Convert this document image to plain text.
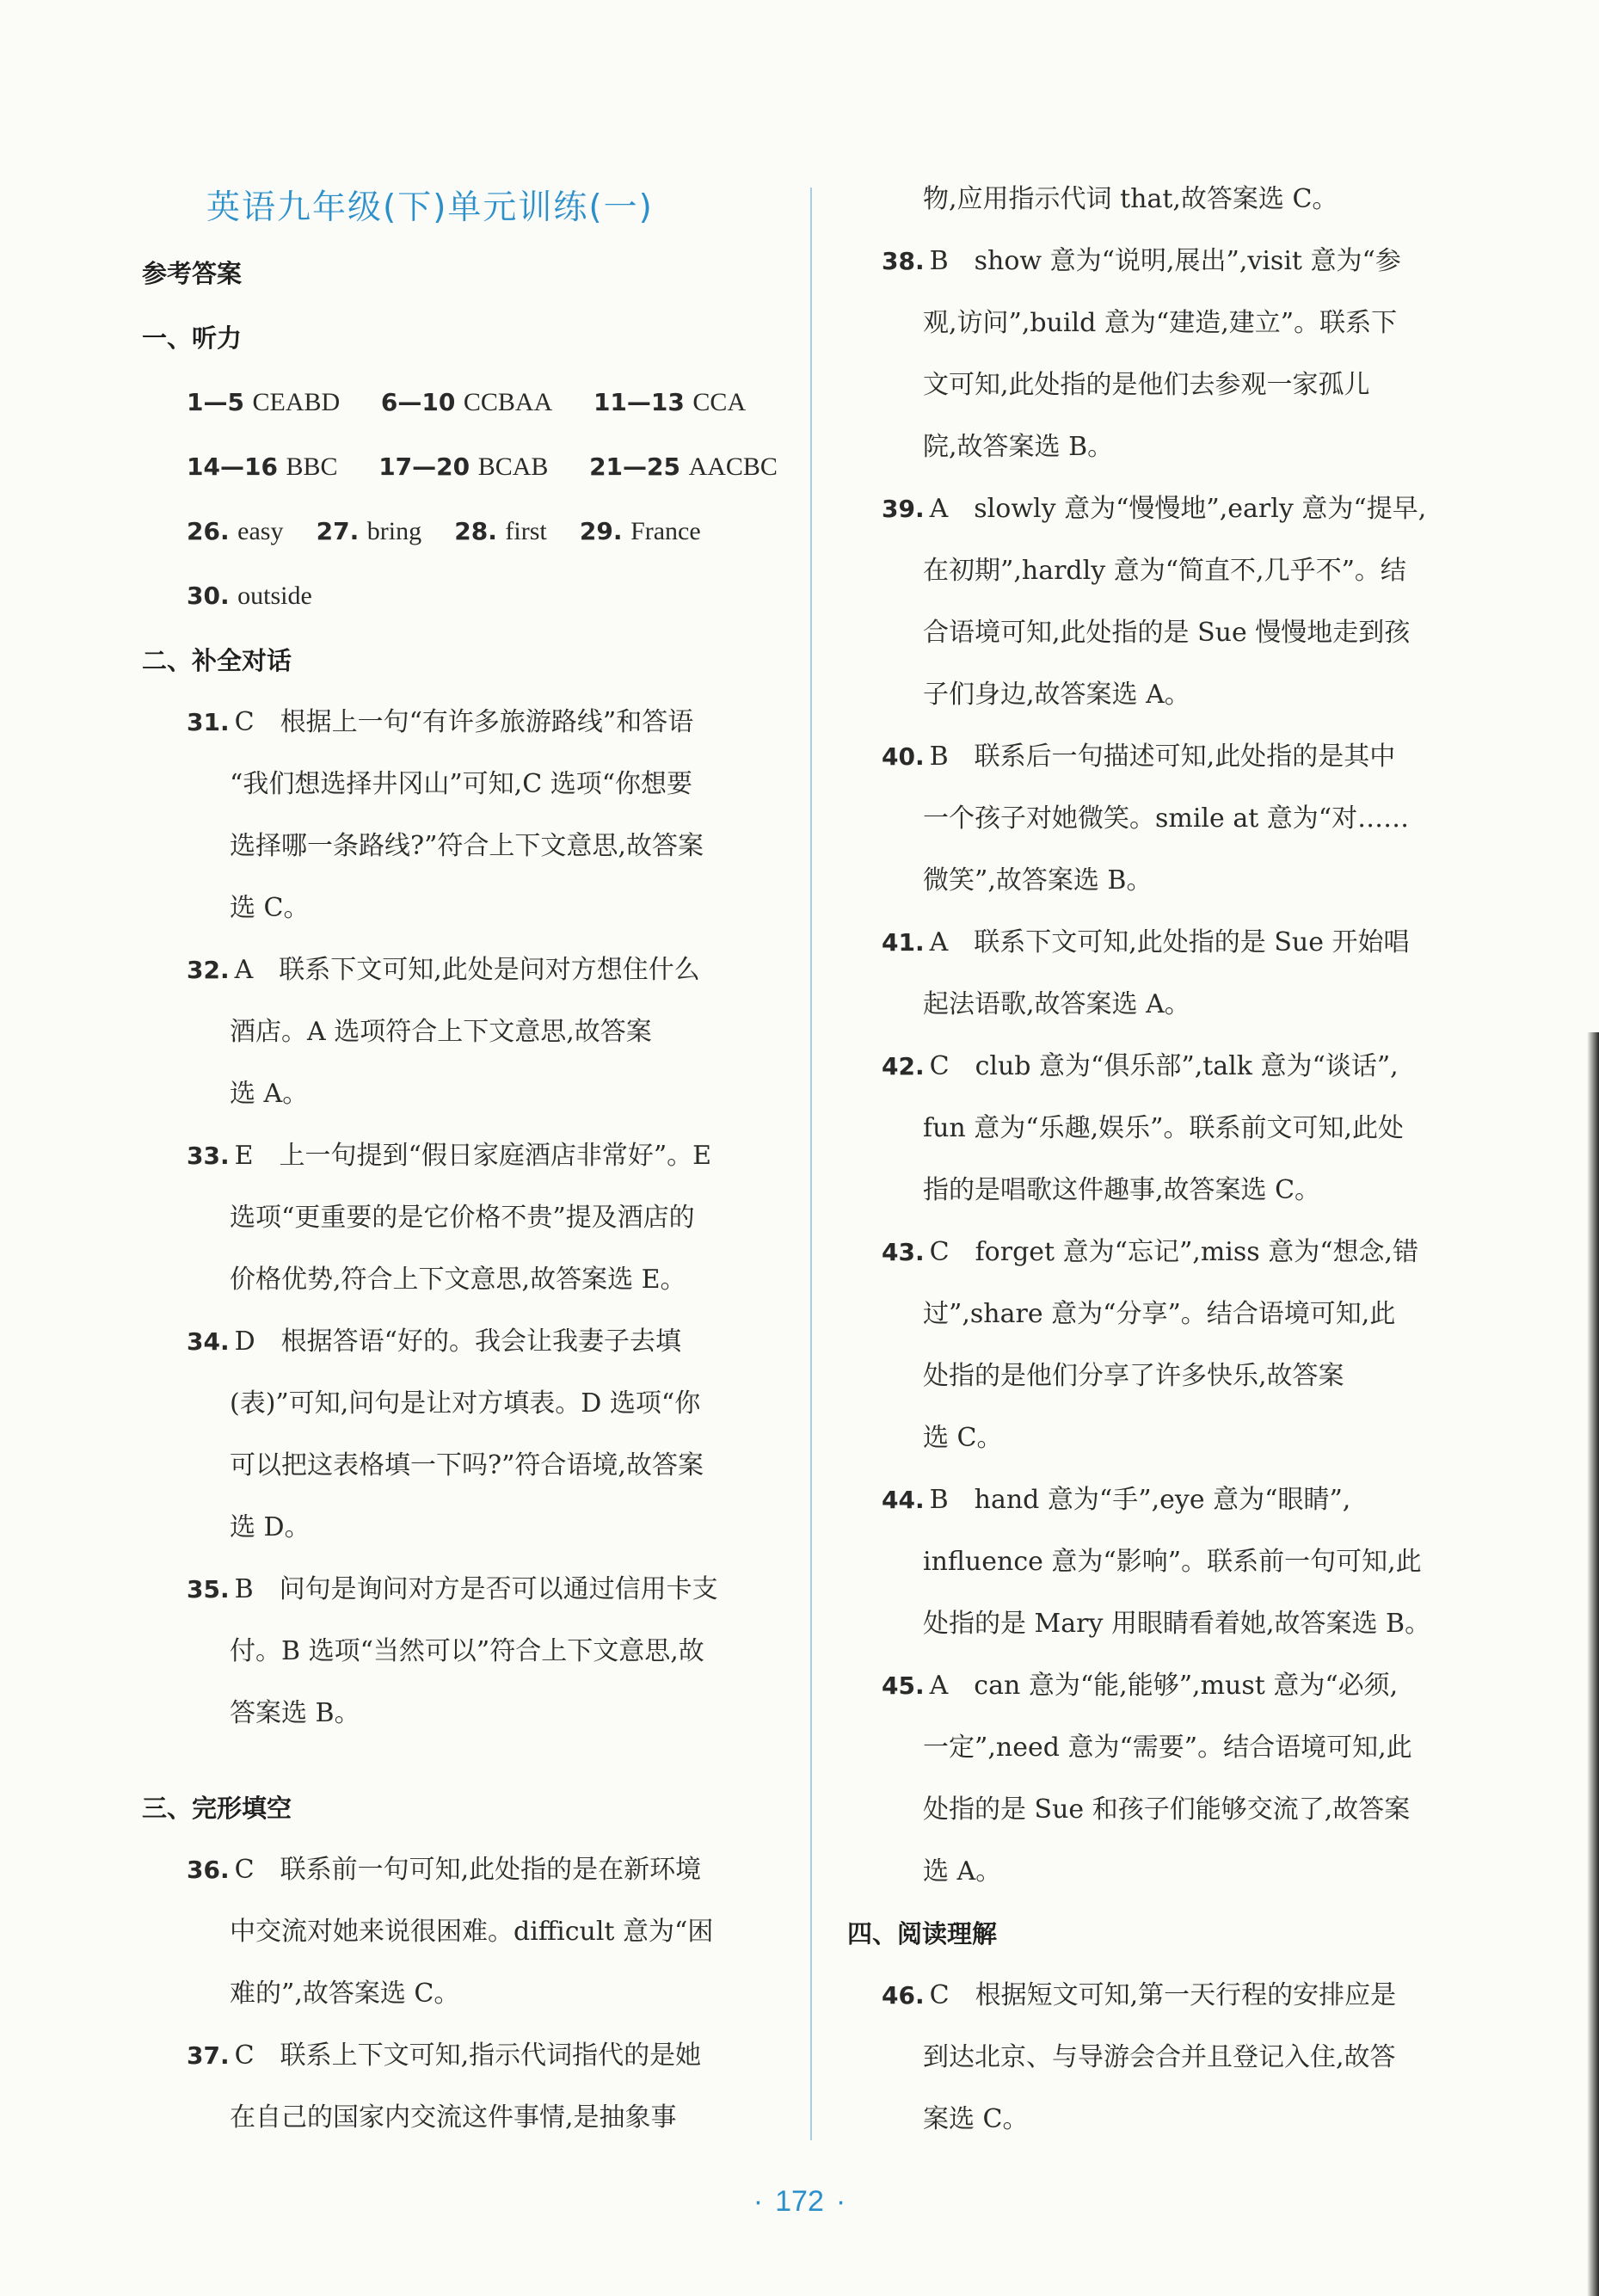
英语九年级(下)单元训练(一)
参考答案
一、听力
1—5 CEABD 6—10 CCBAA 11—13 CCA
14—16 BBC 17—20 BCAB 21—25 AACBC
26. easy 27. bring 28. first 29. France
30. outside
二、补全对话
31. C　根据上一句“有许多旅游路线”和答语
“我们想选择井冈山”可知,C 选项“你想要
选择哪一条路线?”符合上下文意思,故答案
选 C。
32. A　联系下文可知,此处是问对方想住什么
酒店。A 选项符合上下文意思,故答案
选 A。
33. E　上一句提到“假日家庭酒店非常好”。E
选项“更重要的是它价格不贵”提及酒店的
价格优势,符合上下文意思,故答案选 E。
34. D　根据答语“好的。我会让我妻子去填
(表)”可知,问句是让对方填表。D 选项“你
可以把这表格填一下吗?”符合语境,故答案
选 D。
35. B　问句是询问对方是否可以通过信用卡支
付。B 选项“当然可以”符合上下文意思,故
答案选 B。
三、完形填空
36. C　联系前一句可知,此处指的是在新环境
中交流对她来说很困难。difficult 意为“困
难的”,故答案选 C。
37. C　联系上下文可知,指示代词指代的是她
在自己的国家内交流这件事情,是抽象事
物,应用指示代词 that,故答案选 C。
38. B　show 意为“说明,展出”,visit 意为“参
观,访问”,build 意为“建造,建立”。联系下
文可知,此处指的是他们去参观一家孤儿
院,故答案选 B。
39. A　slowly 意为“慢慢地”,early 意为“提早,
在初期”,hardly 意为“简直不,几乎不”。结
合语境可知,此处指的是 Sue 慢慢地走到孩
子们身边,故答案选 A。
40. B　联系后一句描述可知,此处指的是其中
一个孩子对她微笑。smile at 意为“对……
微笑”,故答案选 B。
41. A　联系下文可知,此处指的是 Sue 开始唱
起法语歌,故答案选 A。
42. C　club 意为“俱乐部”,talk 意为“谈话”,
fun 意为“乐趣,娱乐”。联系前文可知,此处
指的是唱歌这件趣事,故答案选 C。
43. C　forget 意为“忘记”,miss 意为“想念,错
过”,share 意为“分享”。结合语境可知,此
处指的是他们分享了许多快乐,故答案
选 C。
44. B　hand 意为“手”,eye 意为“眼睛”,
influence 意为“影响”。联系前一句可知,此
处指的是 Mary 用眼睛看着她,故答案选 B。
45. A　can 意为“能,能够”,must 意为“必须,
一定”,need 意为“需要”。结合语境可知,此
处指的是 Sue 和孩子们能够交流了,故答案
选 A。
四、阅读理解
46. C　根据短文可知,第一天行程的安排应是
到达北京、与导游会合并且登记入住,故答
案选 C。
· 172 ·
